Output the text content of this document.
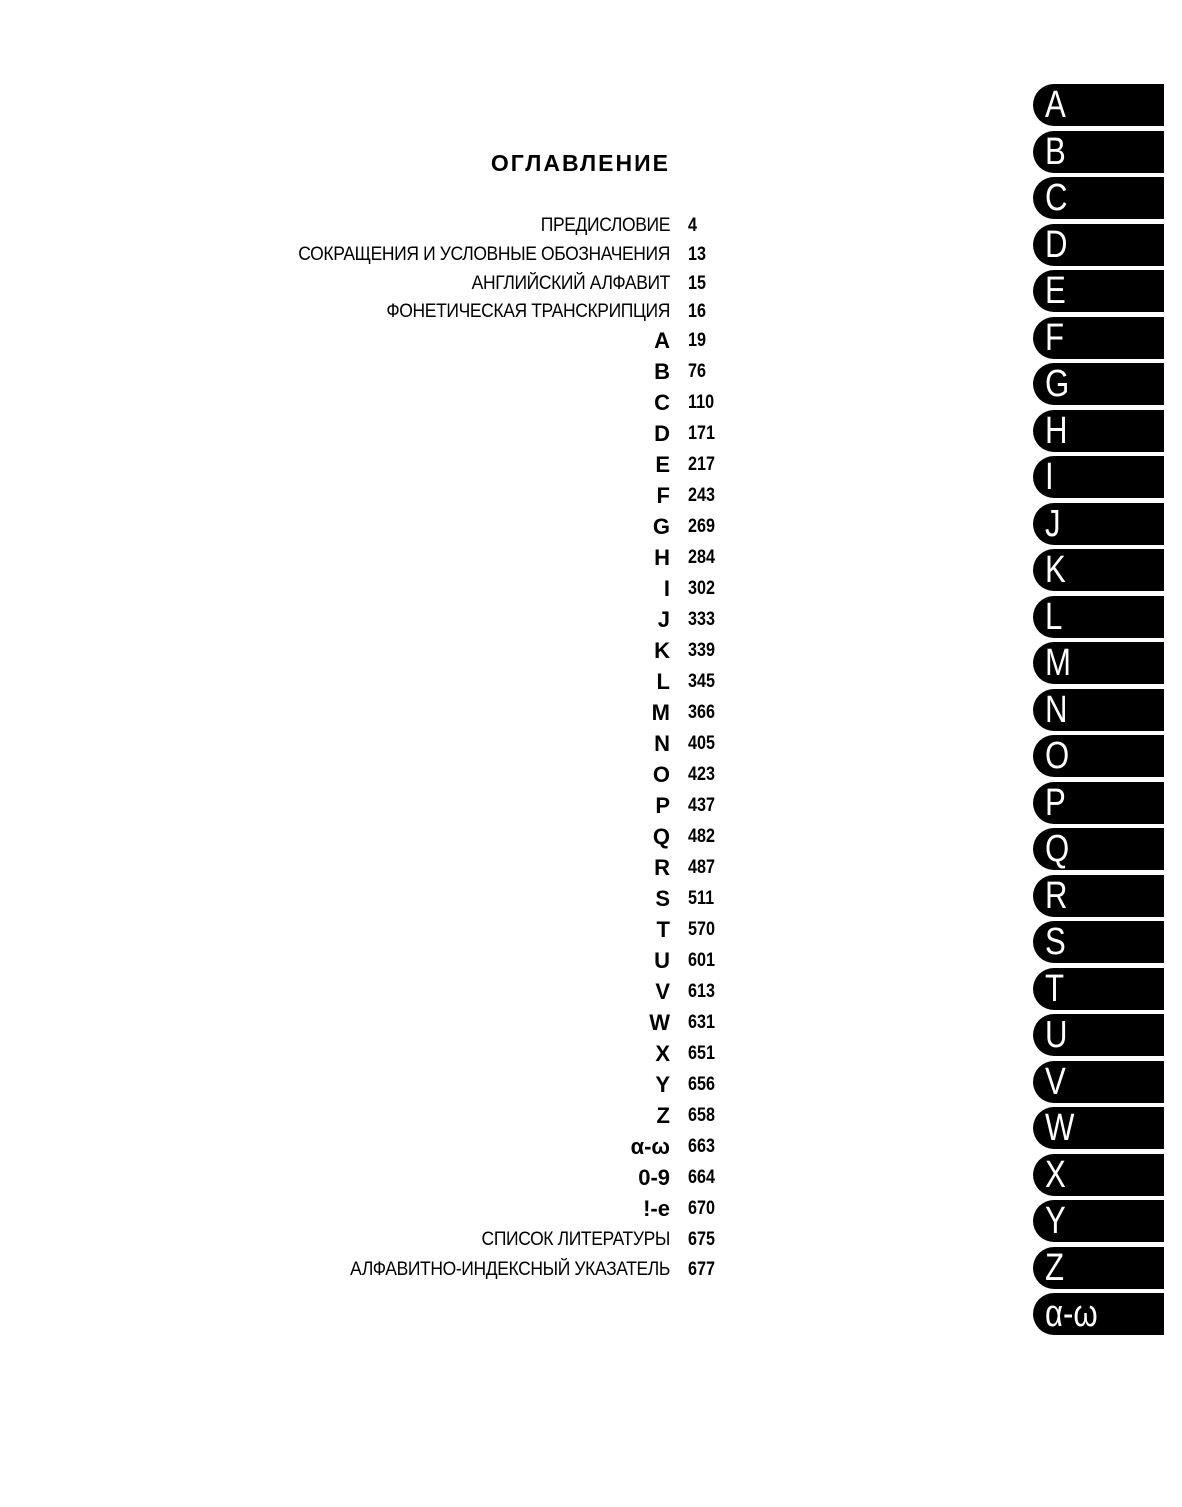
ОГЛАВЛЕНИЕ
ПРЕДИСЛОВИЕ 4
СОКРАЩЕНИЯ И УСЛОВНЫЕ ОБОЗНАЧЕНИЯ 13
АНГЛИЙСКИЙ АЛФАВИТ 15
ФОНЕТИЧЕСКАЯ ТРАНСКРИПЦИЯ 16
A 19
B 76
C 110
D 171
E 217
F 243
G 269
H 284
I 302
J 333
K 339
L 345
M 366
N 405
O 423
P 437
Q 482
R 487
S 511
T 570
U 601
V 613
W 631
X 651
Y 656
Z 658
α-ω 663
0-9 664
!-e 670
СПИСОК ЛИТЕРАТУРЫ 675
АЛФАВИТНО-ИНДЕКСНЫЙ УКАЗАТЕЛЬ 677
A
B
C
D
E
F
G
H
I
J
K
L
M
N
O
P
Q
R
S
T
U
V
W
X
Y
Z
α-ω
